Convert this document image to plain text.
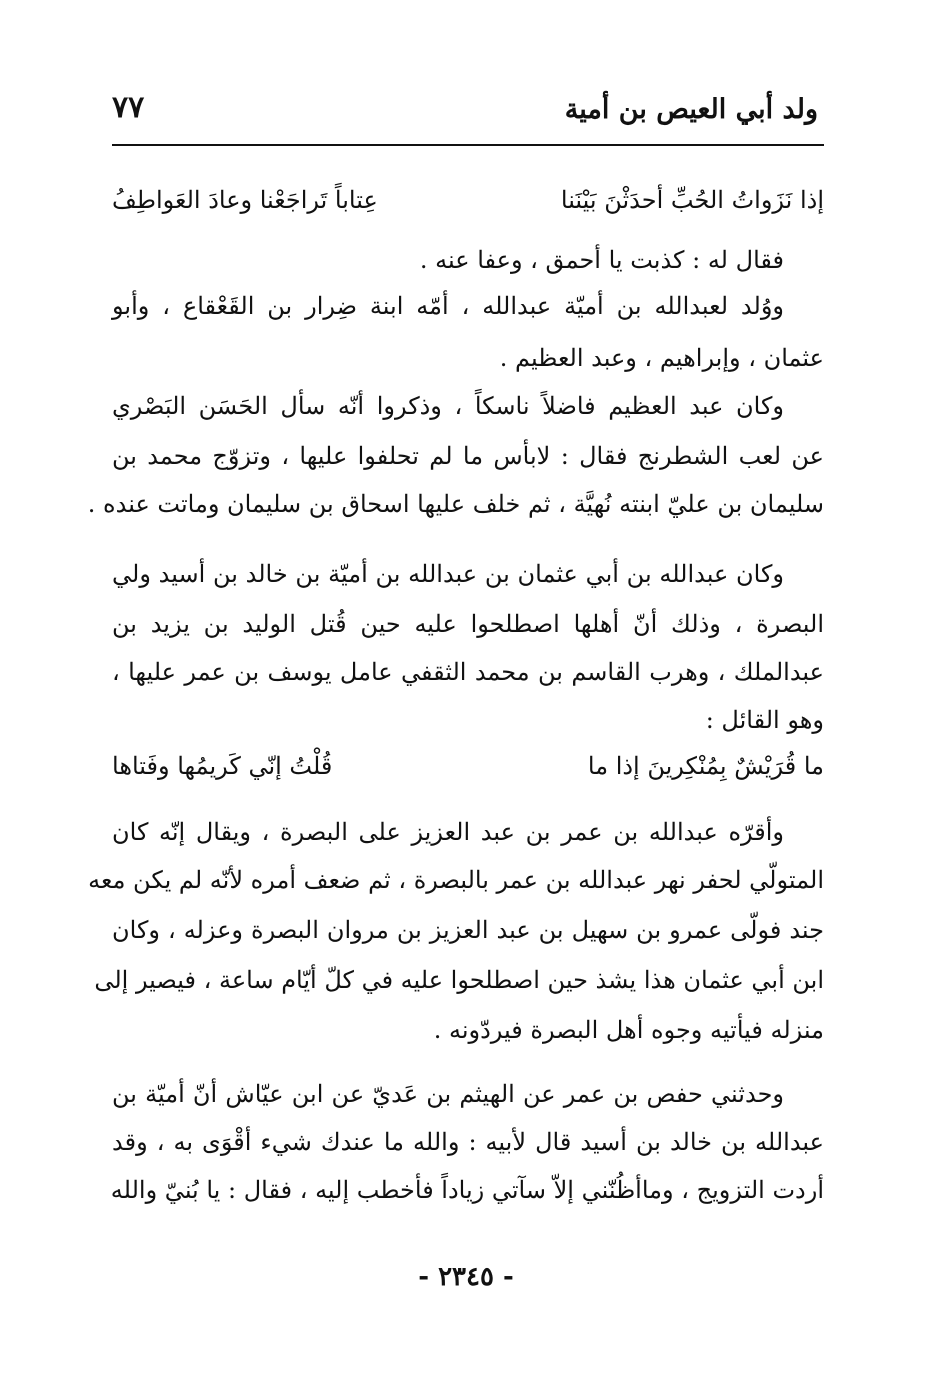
ولد أبي العيص بن أمية
٧٧
إذا نَزَواتُ الحُبِّ أحدَثْنَ بَيْنَنا
عِتاباً تَراجَعْنا وعادَ العَواطِفُ
فقال له : كذبت يا أحمق ، وعفا عنه .
ووُلد لعبدالله بن أميّة عبدالله ، أمّه ابنة ضِرار بن القَعْقاع ، وأبو
عثمان ، وإبراهيم ، وعبد العظيم .
وكان عبد العظيم فاضلاً ناسكاً ، وذكروا أنّه سأل الحَسَن البَصْري
عن لعب الشطرنج فقال : لابأس ما لم تحلفوا عليها ، وتزوّج محمد بن
سليمان بن عليّ ابنته نُهيَّة ، ثم خلف عليها اسحاق بن سليمان وماتت عنده .
وكان عبدالله بن أبي عثمان بن عبدالله بن أميّة بن خالد بن أسيد ولي
البصرة ، وذلك أنّ أهلها اصطلحوا عليه حين قُتل الوليد بن يزيد بن
عبدالملك ، وهرب القاسم بن محمد الثقفي عامل يوسف بن عمر عليها ،
وهو القائل :
ما قُرَيْشٌ بِمُنْكِرينَ إذا ما
قُلْتُ إنّي كَريمُها وفَتاها
وأقرّه عبدالله بن عمر بن عبد العزيز على البصرة ، ويقال إنّه كان
المتولّي لحفر نهر عبدالله بن عمر بالبصرة ، ثم ضعف أمره لأنّه لم يكن معه
جند فولّى عمرو بن سهيل بن عبد العزيز بن مروان البصرة وعزله ، وكان
ابن أبي عثمان هذا يشذ حين اصطلحوا عليه في كلّ أيّام ساعة ، فيصير إلى
منزله فيأتيه وجوه أهل البصرة فيردّونه .
وحدثني حفص بن عمر عن الهيثم بن عَديّ عن ابن عيّاش أنّ أميّة بن
عبدالله بن خالد بن أسيد قال لأبيه : والله ما عندك شيء أقْوَى به ، وقد
أردت التزويج ، وماأظُنّني إلاّ سآتي زياداً فأخطب إليه ، فقال : يا بُنيّ والله
- ٢٣٤٥ -
